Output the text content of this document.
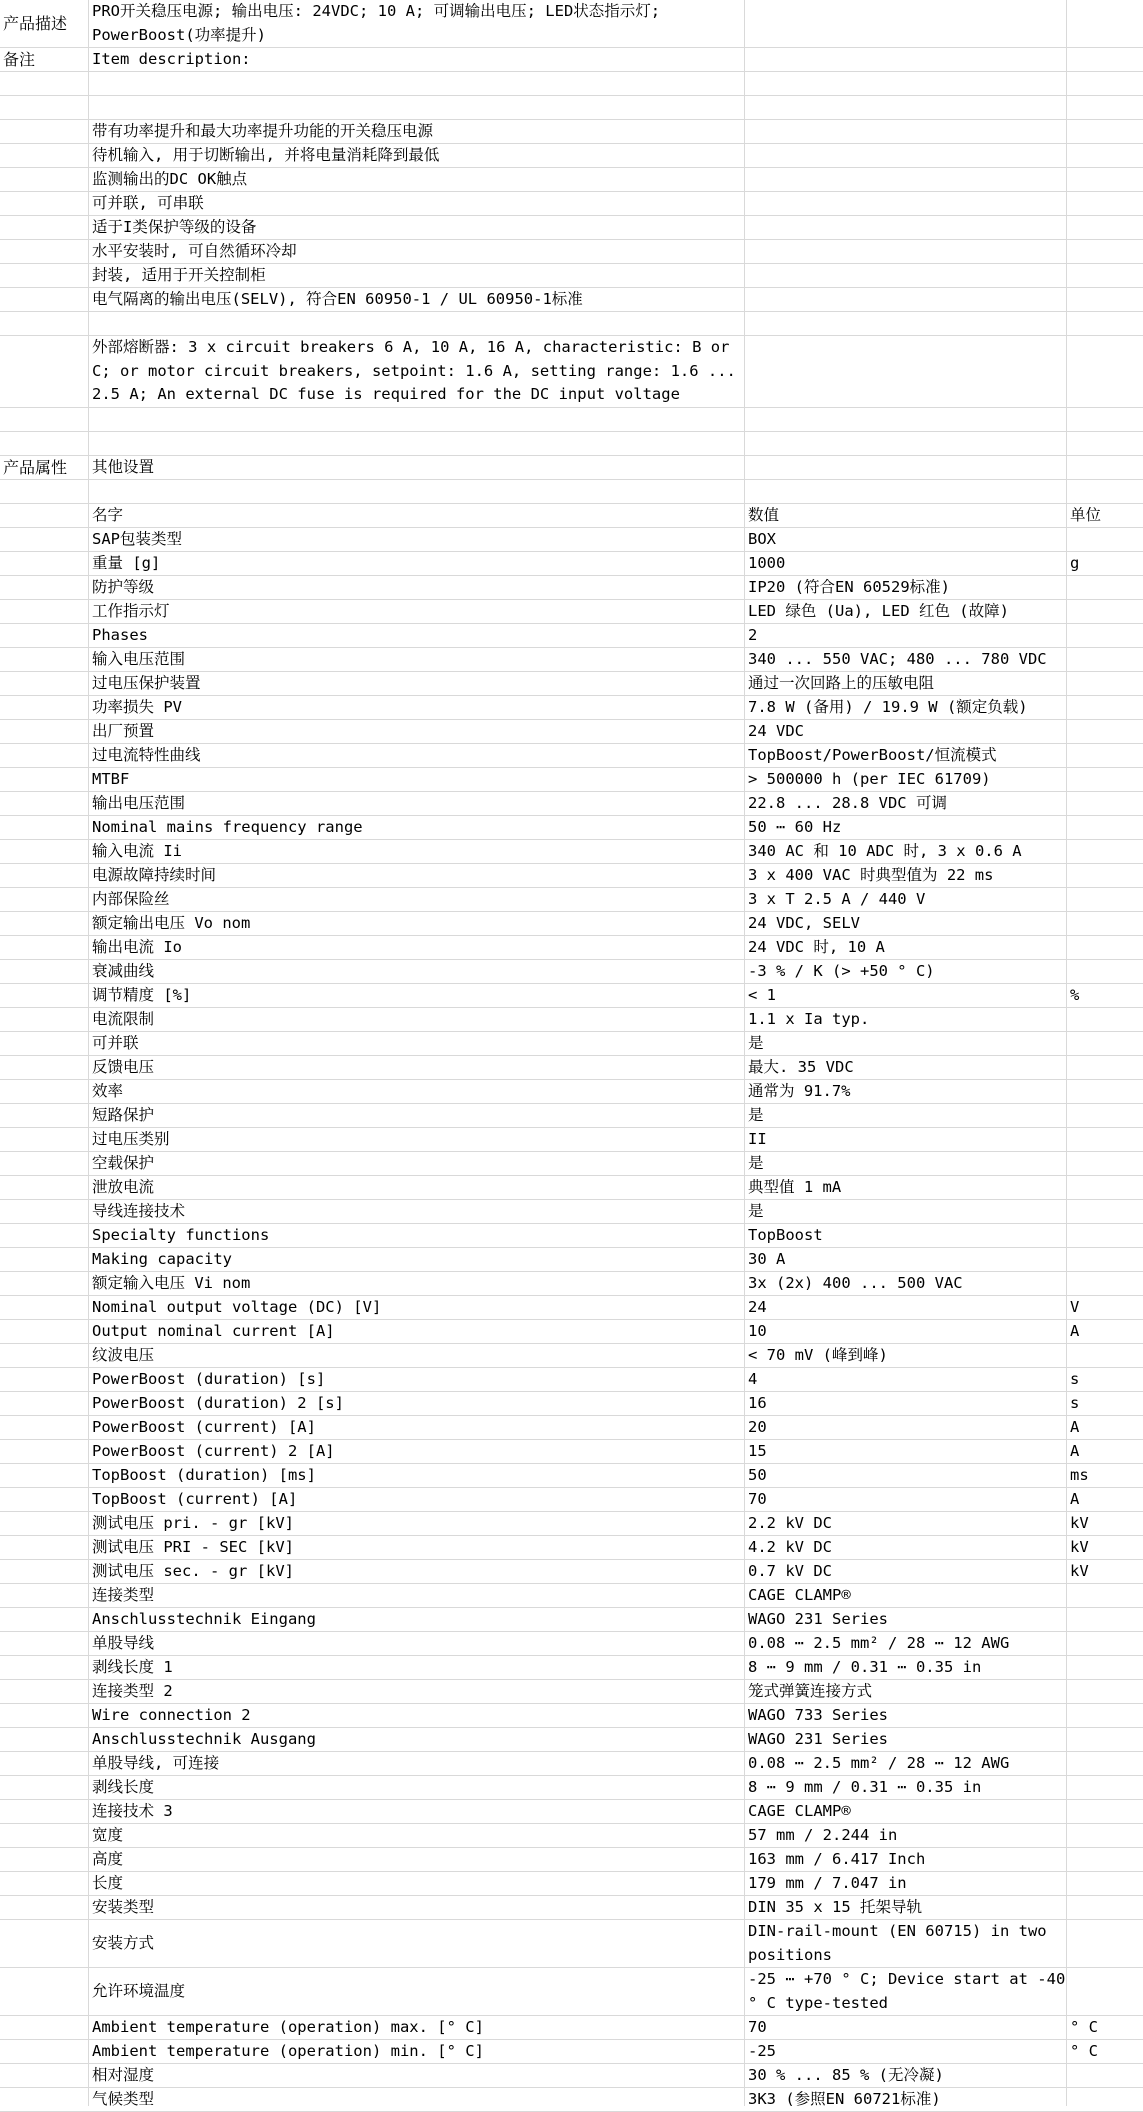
产品描述	PRO开关稳压电源; 输出电压: 24VDC; 10 A; 可调输出电压; LED状态指示灯;
PowerBoost(功率提升)		
备注	Item description:		

	带有功率提升和最大功率提升功能的开关稳压电源		
	待机输入, 用于切断输出, 并将电量消耗降到最低		
	监测输出的DC OK触点		
	可并联, 可串联		
	适于I类保护等级的设备		
	水平安装时, 可自然循环冷却		
	封装, 适用于开关控制柜		
	电气隔离的输出电压(SELV), 符合EN 60950-1 / UL 60950-1标准		

	外部熔断器: 3 x circuit breakers 6 A, 10 A, 16 A, characteristic: B or
C; or motor circuit breakers, setpoint: 1.6 A, setting range: 1.6 ...
2.5 A; An external DC fuse is required for the DC input voltage		

产品属性	其他设置		

	名字	数值	单位
	SAP包装类型	BOX	
	重量 [g]	1000	g
	防护等级	IP20 (符合EN 60529标准)	
	工作指示灯	LED 绿色 (Ua), LED 红色 (故障)	
	Phases	2	
	输入电压范围	340 ... 550 VAC; 480 ... 780 VDC	
	过电压保护装置	通过一次回路上的压敏电阻	
	功率损失 PV	7.8 W (备用) / 19.9 W (额定负载)	
	出厂预置	24 VDC	
	过电流特性曲线	TopBoost/PowerBoost/恒流模式	
	MTBF	> 500000 h (per IEC 61709)	
	输出电压范围	22.8 ... 28.8 VDC 可调	
	Nominal mains frequency range	50 ⋯ 60 Hz	
	输入电流 Ii	340 AC 和 10 ADC 时, 3 x 0.6 A	
	电源故障持续时间	3 x 400 VAC 时典型值为 22 ms	
	内部保险丝	3 x T 2.5 A / 440 V	
	额定输出电压 Vo nom	24 VDC, SELV	
	输出电流 Io	24 VDC 时, 10 A	
	衰减曲线	-3 % / K (> +50 ° C)	
	调节精度 [%]	< 1	%
	电流限制	1.1 x Ia typ.	
	可并联	是	
	反馈电压	最大. 35 VDC	
	效率	通常为 91.7%	
	短路保护	是	
	过电压类别	II	
	空载保护	是	
	泄放电流	典型值 1 mA	
	导线连接技术	是	
	Specialty functions	TopBoost	
	Making capacity	30 A	
	额定输入电压 Vi nom	3x (2x) 400 ... 500 VAC	
	Nominal output voltage (DC) [V]	24	V
	Output nominal current [A]	10	A
	纹波电压	< 70 mV (峰到峰)	
	PowerBoost (duration) [s]	4	s
	PowerBoost (duration) 2 [s]	16	s
	PowerBoost (current) [A]	20	A
	PowerBoost (current) 2 [A]	15	A
	TopBoost (duration) [ms]	50	ms
	TopBoost (current) [A]	70	A
	测试电压 pri. - gr [kV]	2.2 kV DC	kV
	测试电压 PRI - SEC [kV]	4.2 kV DC	kV
	测试电压 sec. - gr [kV]	0.7 kV DC	kV
	连接类型	CAGE CLAMP®	
	Anschlusstechnik Eingang	WAGO 231 Series	
	单股导线	0.08 ⋯ 2.5 mm² / 28 ⋯ 12 AWG	
	剥线长度 1	8 ⋯ 9 mm / 0.31 ⋯ 0.35 in	
	连接类型 2	笼式弹簧连接方式	
	Wire connection 2	WAGO 733 Series	
	Anschlusstechnik Ausgang	WAGO 231 Series	
	单股导线, 可连接	0.08 ⋯ 2.5 mm² / 28 ⋯ 12 AWG	
	剥线长度	8 ⋯ 9 mm / 0.31 ⋯ 0.35 in	
	连接技术 3	CAGE CLAMP®	
	宽度	57 mm / 2.244 in	
	高度	163 mm / 6.417 Inch	
	长度	179 mm / 7.047 in	
	安装类型	DIN 35 x 15 托架导轨	
	安装方式	DIN-rail-mount (EN 60715) in two
positions	
	允许环境温度	-25 ⋯ +70 ° C; Device start at -40
° C type-tested	
	Ambient temperature (operation) max. [° C]	70	° C
	Ambient temperature (operation) min. [° C]	-25	° C
	相对湿度	30 % ... 85 % (无冷凝)	
	气候类型	3K3 (参照EN 60721标准)	
